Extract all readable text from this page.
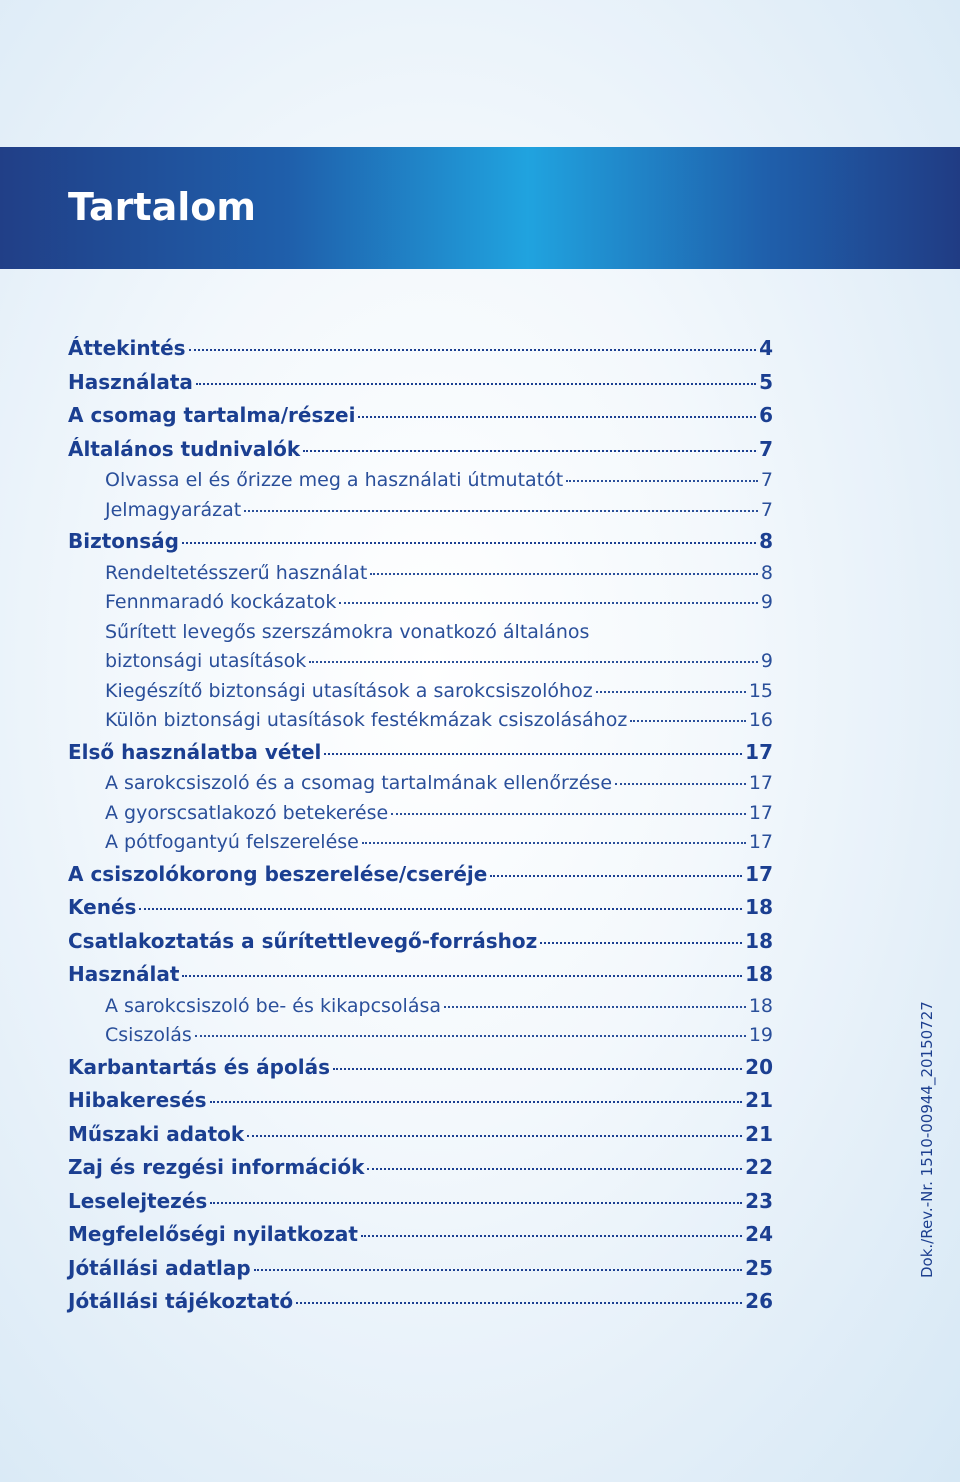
Tartalom
Áttekintés	4
Használata	5
A csomag tartalma/részei	6
Általános tudnivalók	7
Olvassa el és őrizze meg a használati útmutatót	7
Jelmagyarázat	7
Biztonság	8
Rendeltetésszerű használat	8
Fennmaradó kockázatok	9
Sűrített levegős szerszámokra vonatkozó általános
biztonsági utasítások	9
Kiegészítő biztonsági utasítások a sarokcsiszolóhoz	15
Külön biztonsági utasítások festékmázak csiszolásához	16
Első használatba vétel	17
A sarokcsiszoló és a csomag tartalmának ellenőrzése	17
A gyorscsatlakozó betekerése	17
A pótfogantyú felszerelése	17
A csiszolókorong beszerelése/cseréje	17
Kenés	18
Csatlakoztatás a sűrítettlevegő-forráshoz	18
Használat	18
A sarokcsiszoló be- és kikapcsolása	18
Csiszolás	19
Karbantartás és ápolás	20
Hibakeresés	21
Műszaki adatok	21
Zaj és rezgési információk	22
Leselejtezés	23
Megfelelőségi nyilatkozat	24
Jótállási adatlap	25
Jótállási tájékoztató	26
Dok./Rev.-Nr. 1510-00944_20150727
